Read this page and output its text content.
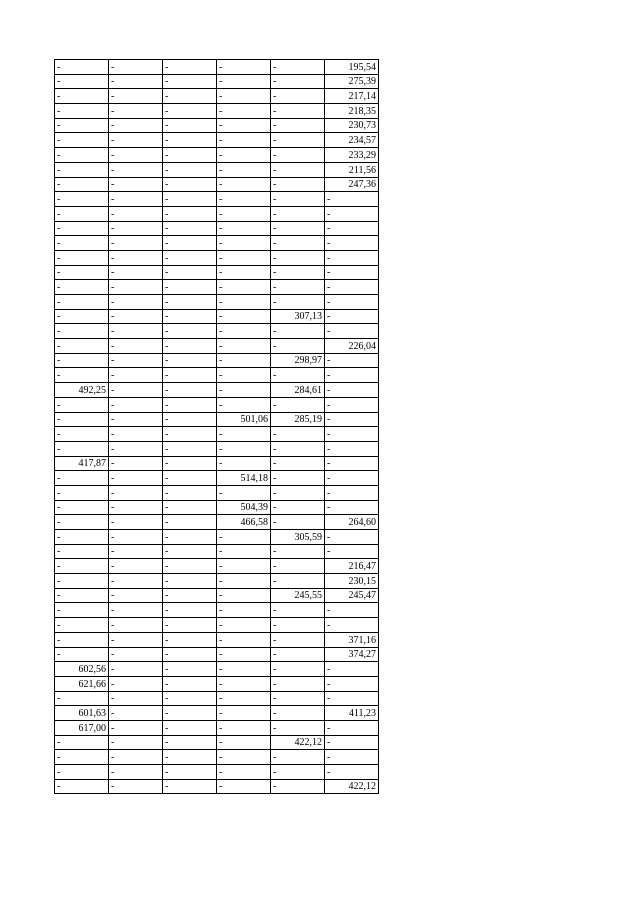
-	-	-	-	-	195,54
-	-	-	-	-	275,39
-	-	-	-	-	217,14
-	-	-	-	-	218,35
-	-	-	-	-	230,73
-	-	-	-	-	234,57
-	-	-	-	-	233,29
-	-	-	-	-	211,56
-	-	-	-	-	247,36
-	-	-	-	-	-
-	-	-	-	-	-
-	-	-	-	-	-
-	-	-	-	-	-
-	-	-	-	-	-
-	-	-	-	-	-
-	-	-	-	-	-
-	-	-	-	-	-
-	-	-	-	307,13	-
-	-	-	-	-	-
-	-	-	-	-	226,04
-	-	-	-	298,97	-
-	-	-	-	-	-
492,25	-	-	-	284,61	-
-	-	-	-	-	-
-	-	-	501,06	285,19	-
-	-	-	-	-	-
-	-	-	-	-	-
417,87	-	-	-	-	-
-	-	-	514,18	-	-
-	-	-	-	-	-
-	-	-	504,39	-	-
-	-	-	466,58	-	264,60
-	-	-	-	305,59	-
-	-	-	-	-	-
-	-	-	-	-	216,47
-	-	-	-	-	230,15
-	-	-	-	245,55	245,47
-	-	-	-	-	-
-	-	-	-	-	-
-	-	-	-	-	371,16
-	-	-	-	-	374,27
602,56	-	-	-	-	-
621,66	-	-	-	-	-
-	-	-	-	-	-
601,63	-	-	-	-	411,23
617,00	-	-	-	-	-
-	-	-	-	422,12	-
-	-	-	-	-	-
-	-	-	-	-	-
-	-	-	-	-	422,12
